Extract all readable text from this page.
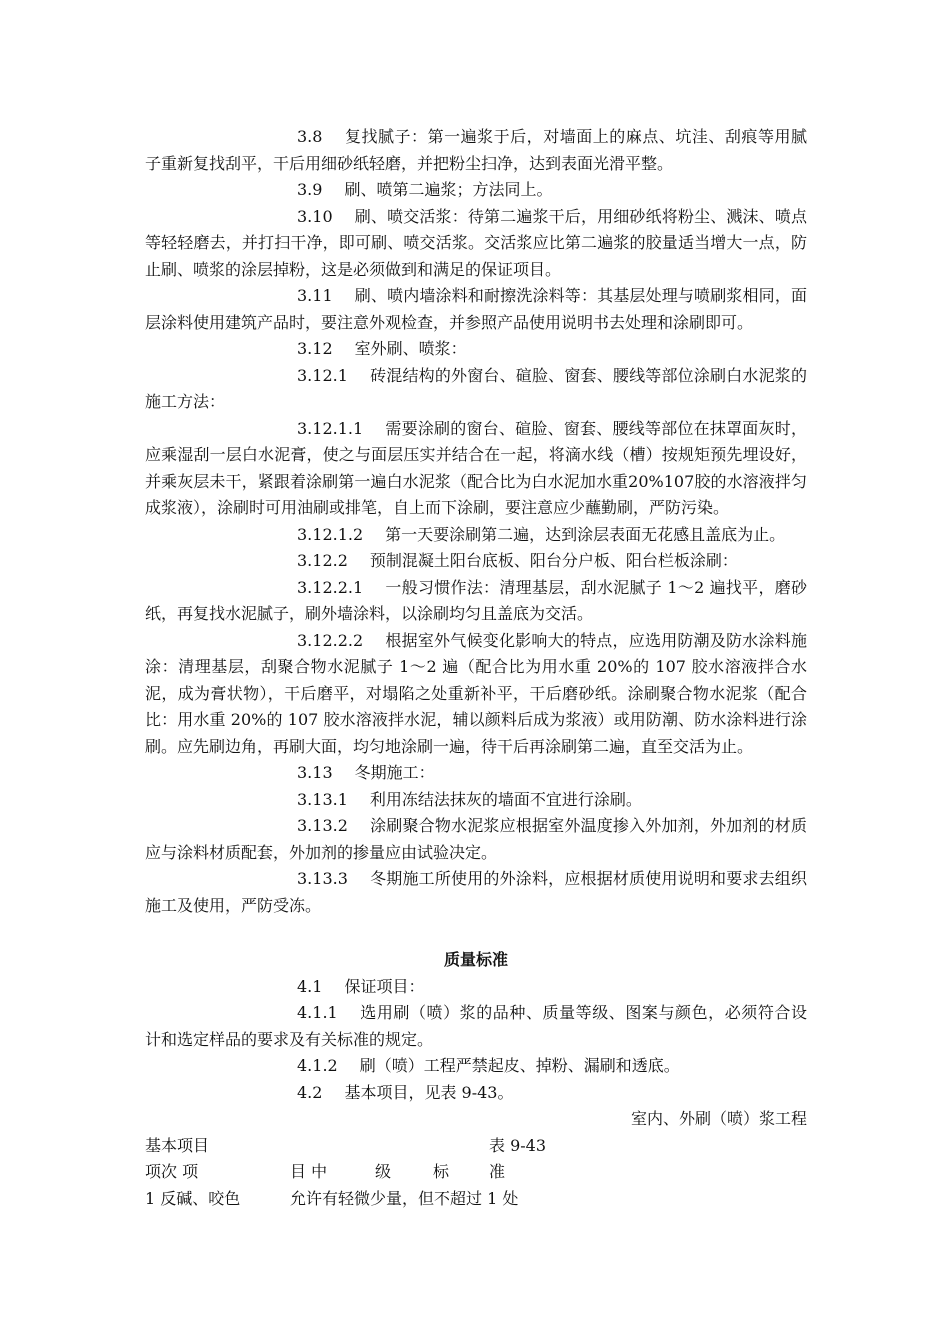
3.8 复找腻子：第一遍浆于后，对墙面上的麻点、坑洼、刮痕等用腻子重新复找刮平，干后用细砂纸轻磨，并把粉尘扫净，达到表面光滑平整。

3.9 刷、喷第二遍浆；方法同上。

3.10 刷、喷交活浆：待第二遍浆干后，用细砂纸将粉尘、溅沫、喷点等轻轻磨去，并打扫干净，即可刷、喷交活浆。交活浆应比第二遍浆的胶量适当增大一点，防止刷、喷浆的涂层掉粉，这是必须做到和满足的保证项目。

3.11 刷、喷内墙涂料和耐擦洗涂料等：其基层处理与喷刷浆相同，面层涂料使用建筑产品时，要注意外观检查，并参照产品使用说明书去处理和涂刷即可。

3.12 室外刷、喷浆：

3.12.1 砖混结构的外窗台、碹脸、窗套、腰线等部位涂刷白水泥浆的施工方法：

3.12.1.1 需要涂刷的窗台、碹脸、窗套、腰线等部位在抹罩面灰时，应乘湿刮一层白水泥膏，使之与面层压实并结合在一起，将滴水线（槽）按规矩预先埋设好，并乘灰层未干，紧跟着涂刷第一遍白水泥浆（配合比为白水泥加水重20%107胶的水溶液拌匀成浆液），涂刷时可用油刷或排笔，自上而下涂刷，要注意应少蘸勤刷，严防污染。

3.12.1.2 第一天要涂刷第二遍，达到涂层表面无花感且盖底为止。

3.12.2 预制混凝土阳台底板、阳台分户板、阳台栏板涂刷：

3.12.2.1 一般习惯作法：清理基层，刮水泥腻子 1～2 遍找平，磨砂纸，再复找水泥腻子，刷外墙涂料，以涂刷均匀且盖底为交活。

3.12.2.2 根据室外气候变化影响大的特点，应选用防潮及防水涂料施涂：清理基层，刮聚合物水泥腻子 1～2 遍（配合比为用水重 20%的 107 胶水溶液拌合水泥，成为膏状物），干后磨平，对塌陷之处重新补平，干后磨砂纸。涂刷聚合物水泥浆（配合比：用水重 20%的 107 胶水溶液拌水泥，辅以颜料后成为浆液）或用防潮、防水涂料进行涂刷。应先刷边角，再刷大面，均匀地涂刷一遍，待干后再涂刷第二遍，直至交活为止。

3.13 冬期施工：

3.13.1 利用冻结法抹灰的墙面不宜进行涂刷。

3.13.2 涂刷聚合物水泥浆应根据室外温度掺入外加剂，外加剂的材质应与涂料材质配套，外加剂的掺量应由试验决定。

3.13.3 冬期施工所使用的外涂料，应根据材质使用说明和要求去组织施工及使用，严防受冻。

质量标准

4.1 保证项目：

4.1.1 选用刷（喷）浆的品种、质量等级、图案与颜色，必须符合设计和选定样品的要求及有关标准的规定。

4.1.2 刷（喷）工程严禁起皮、掉粉、漏刷和透底。

4.2 基本项目，见表 9-43。

室内、外刷（喷）浆工程

基本项目	表 9-43
项次 项	目 中	级	标 准
1 反碱、咬色	允许有轻微少量，但不超过 1 处
